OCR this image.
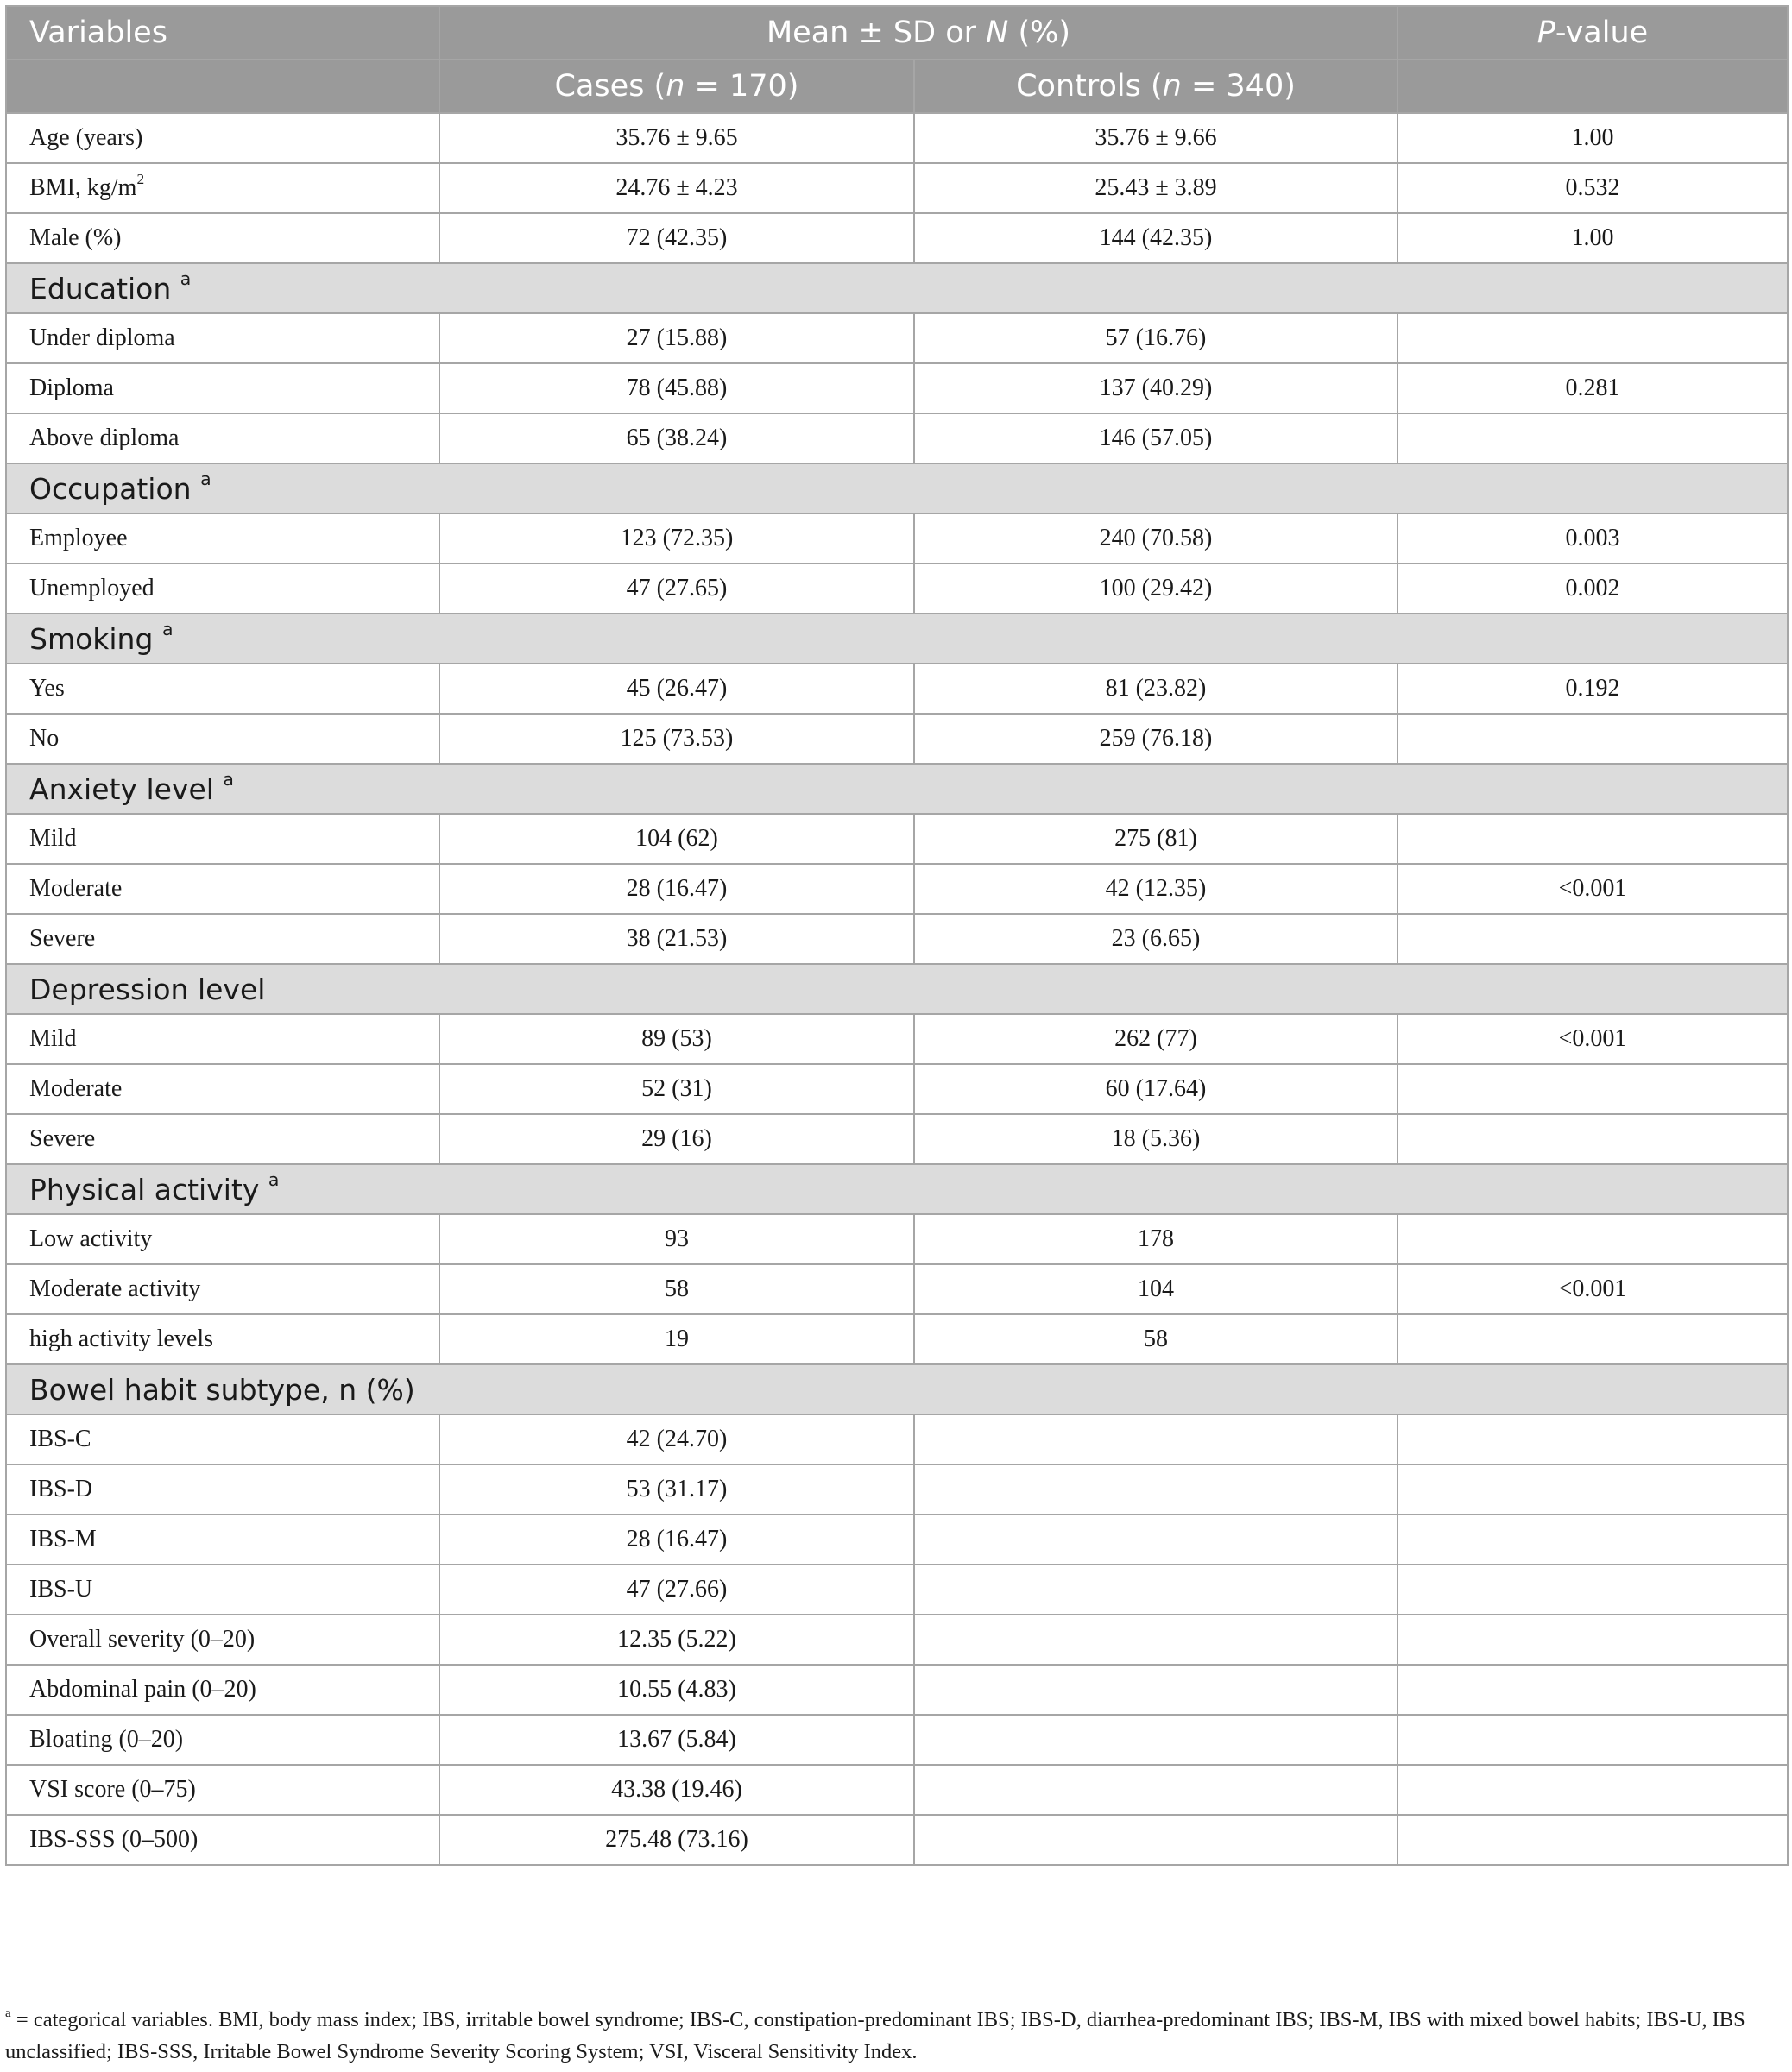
Variables	Mean ± SD or N (%)		P-value
	Cases (n = 170)	Controls (n = 340)	
Age (years)	35.76 ± 9.65	35.76 ± 9.66	1.00
BMI, $kg/m^2$	24.76 ± 4.23	25.43 ± 3.89	0.532
Male (%)	72 (42.35)	144 (42.35)	1.00
Education $^a$
Under diploma	27 (15.88)	57 (16.76)	
Diploma	78 (45.88)	137 (40.29)	0.281
Above diploma	65 (38.24)	146 (57.05)	
Occupation $^a$
Employee	123 (72.35)	240 (70.58)	0.003
Unemployed	47 (27.65)	100 (29.42)	0.002
Smoking $^a$
Yes	45 (26.47)	81 (23.82)	0.192
No	125 (73.53)	259 (76.18)	
Anxiety level $^a$
Mild	104 (62)	275 (81)	
Moderate	28 (16.47)	42 (12.35)	<0.001
Severe	38 (21.53)	23 (6.65)	
Depression level			
Mild	89 (53)	262 (77)	<0.001
Moderate	52 (31)	60 (17.64)	
Severe	29 (16)	18 (5.36)	
Physical activity $^a$
Low activity	93	178	
Moderate activity	58	104	<0.001
high activity levels	19	58	
Bowel habit subtype, n (%)			
IBS-C	42 (24.70)		
IBS-D	53 (31.17)		
IBS-M	28 (16.47)		
IBS-U	47 (27.66)		
Overall severity (0–20)	12.35 (5.22)		
Abdominal pain (0–20)	10.55 (4.83)		
Bloating (0–20)	13.67 (5.84)		
VSI score (0–75)	43.38 (19.46)		
IBS-SSS (0–500)	275.48 (73.16)		
$^a$ = categorical variables. BMI, body mass index; IBS, irritable bowel syndrome; IBS-C, constipation-predominant IBS; IBS-D, diarrhea-predominant IBS; IBS-M, IBS with mixed bowel habits; IBS-U, IBS unclassified; IBS-SSS, Irritable Bowel Syndrome Severity Scoring System; VSI, Visceral Sensitivity Index.
